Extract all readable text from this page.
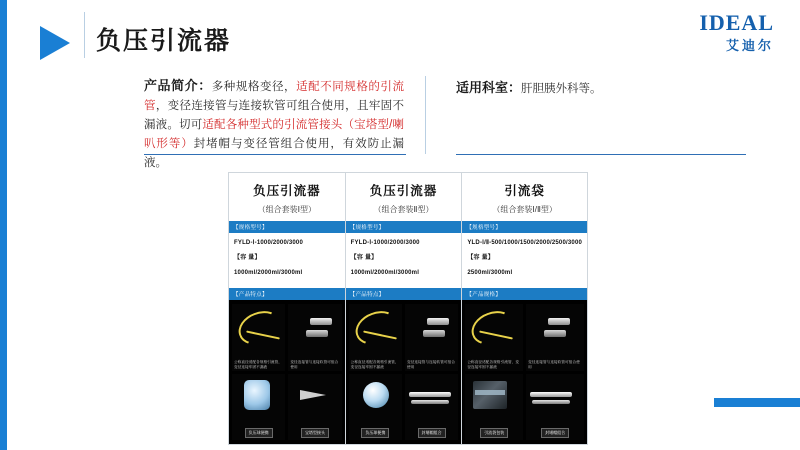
负压引流器
IDEAL
艾迪尔
产品简介：多种规格变径，适配不同规格的引流管，变径连接管与连接软管可组合使用，且牢固不漏液。切可适配各种型式的引流管接头（宝塔型/喇叭形等）封堵帽与变径管组合使用，有效防止漏液。
适用科室：肝胆胰外科等。
负压引流器
（组合套装Ⅰ型）
【规格型号】
FYLD-Ⅰ-1000/2000/3000
【容 量】
1000ml/2000ml/3000ml
【产品特点】
公称直径适配各规格引流管，变径连接牢固不漏液
变径连接管与连接软管可组合使用
负压球便携	宝塔型接头
负压引流器
（组合套装Ⅱ型）
【规格型号】
FYLD-Ⅰ-1000/2000/3000
【容 量】
1000ml/2000ml/3000ml
【产品特点】
公称直径适配各规格引流管，变径连接牢固不漏液
变径连接管与连接软管可组合使用
负压球便携	封堵帽组合
引流袋
（组合套装Ⅰ/Ⅱ型）
【规格型号】
YLD-Ⅰ/Ⅱ-500/1000/1500/2000/2500/3000
【容 量】
2500ml/3000ml
【产品规格】
公称直径适配各规格引流管，变径连接牢固不漏液
变径连接管与连接软管可组合使用
引流袋包装	封堵帽组合
